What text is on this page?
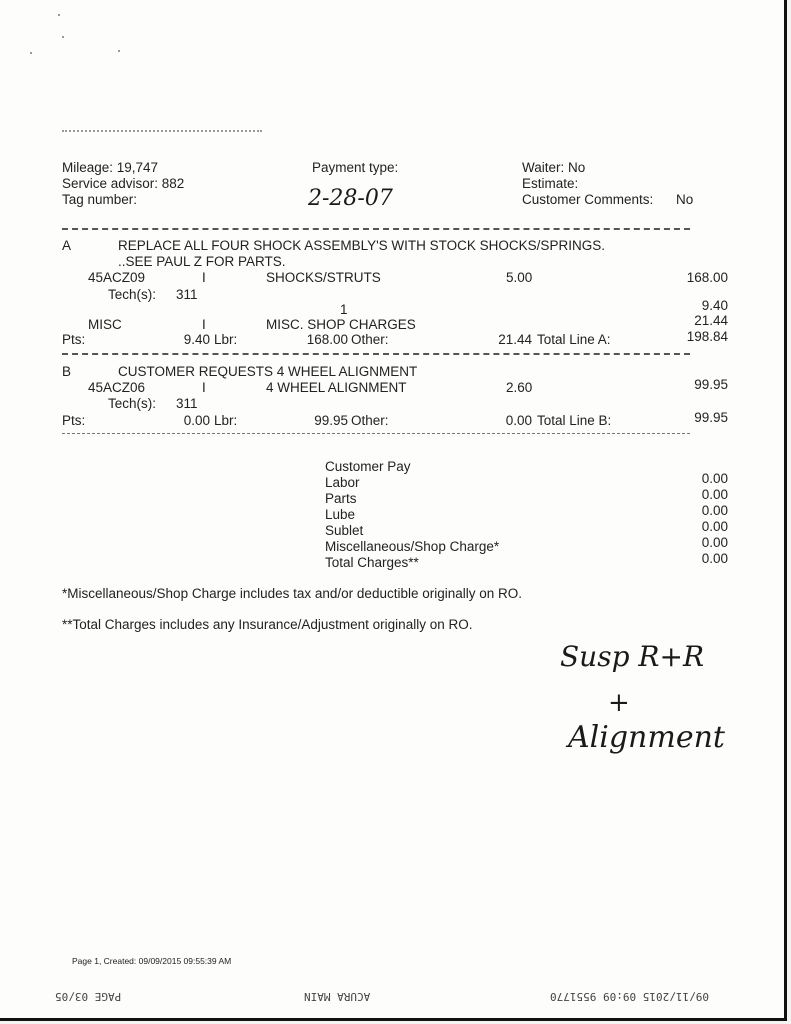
Mileage: 19,747
Service advisor: 882
Tag number:
Payment type:
2-28-07
Waiter: No
Estimate:
Customer Comments: No
A	REPLACE ALL FOUR SHOCK ASSEMBLY'S WITH STOCK SHOCKS/SPRINGS.
..SEE PAUL Z FOR PARTS.
45ACZ09	I	SHOCKS/STRUTS	5.00	168.00
Tech(s): 311
1	9.40
MISC	I	MISC. SHOP CHARGES	21.44
Pts:	9.40 Lbr:	168.00 Other:	21.44 Total Line A:	198.84
B	CUSTOMER REQUESTS 4 WHEEL ALIGNMENT
45ACZ06	I	4 WHEEL ALIGNMENT	2.60	99.95
Tech(s): 311
Pts:	0.00 Lbr:	99.95 Other:	0.00 Total Line B:	99.95
Customer Pay
Labor	0.00
Parts	0.00
Lube	0.00
Sublet	0.00
Miscellaneous/Shop Charge*	0.00
Total Charges**	0.00
*Miscellaneous/Shop Charge includes tax and/or deductible originally on RO.
**Total Charges includes any Insurance/Adjustment originally on RO.
Susp R+R
+
Alignment
Page 1, Created: 09/09/2015 09:55:39 AM
PAGE 03/05	ACURA MAIN	09/11/2015 09:09 9551770
